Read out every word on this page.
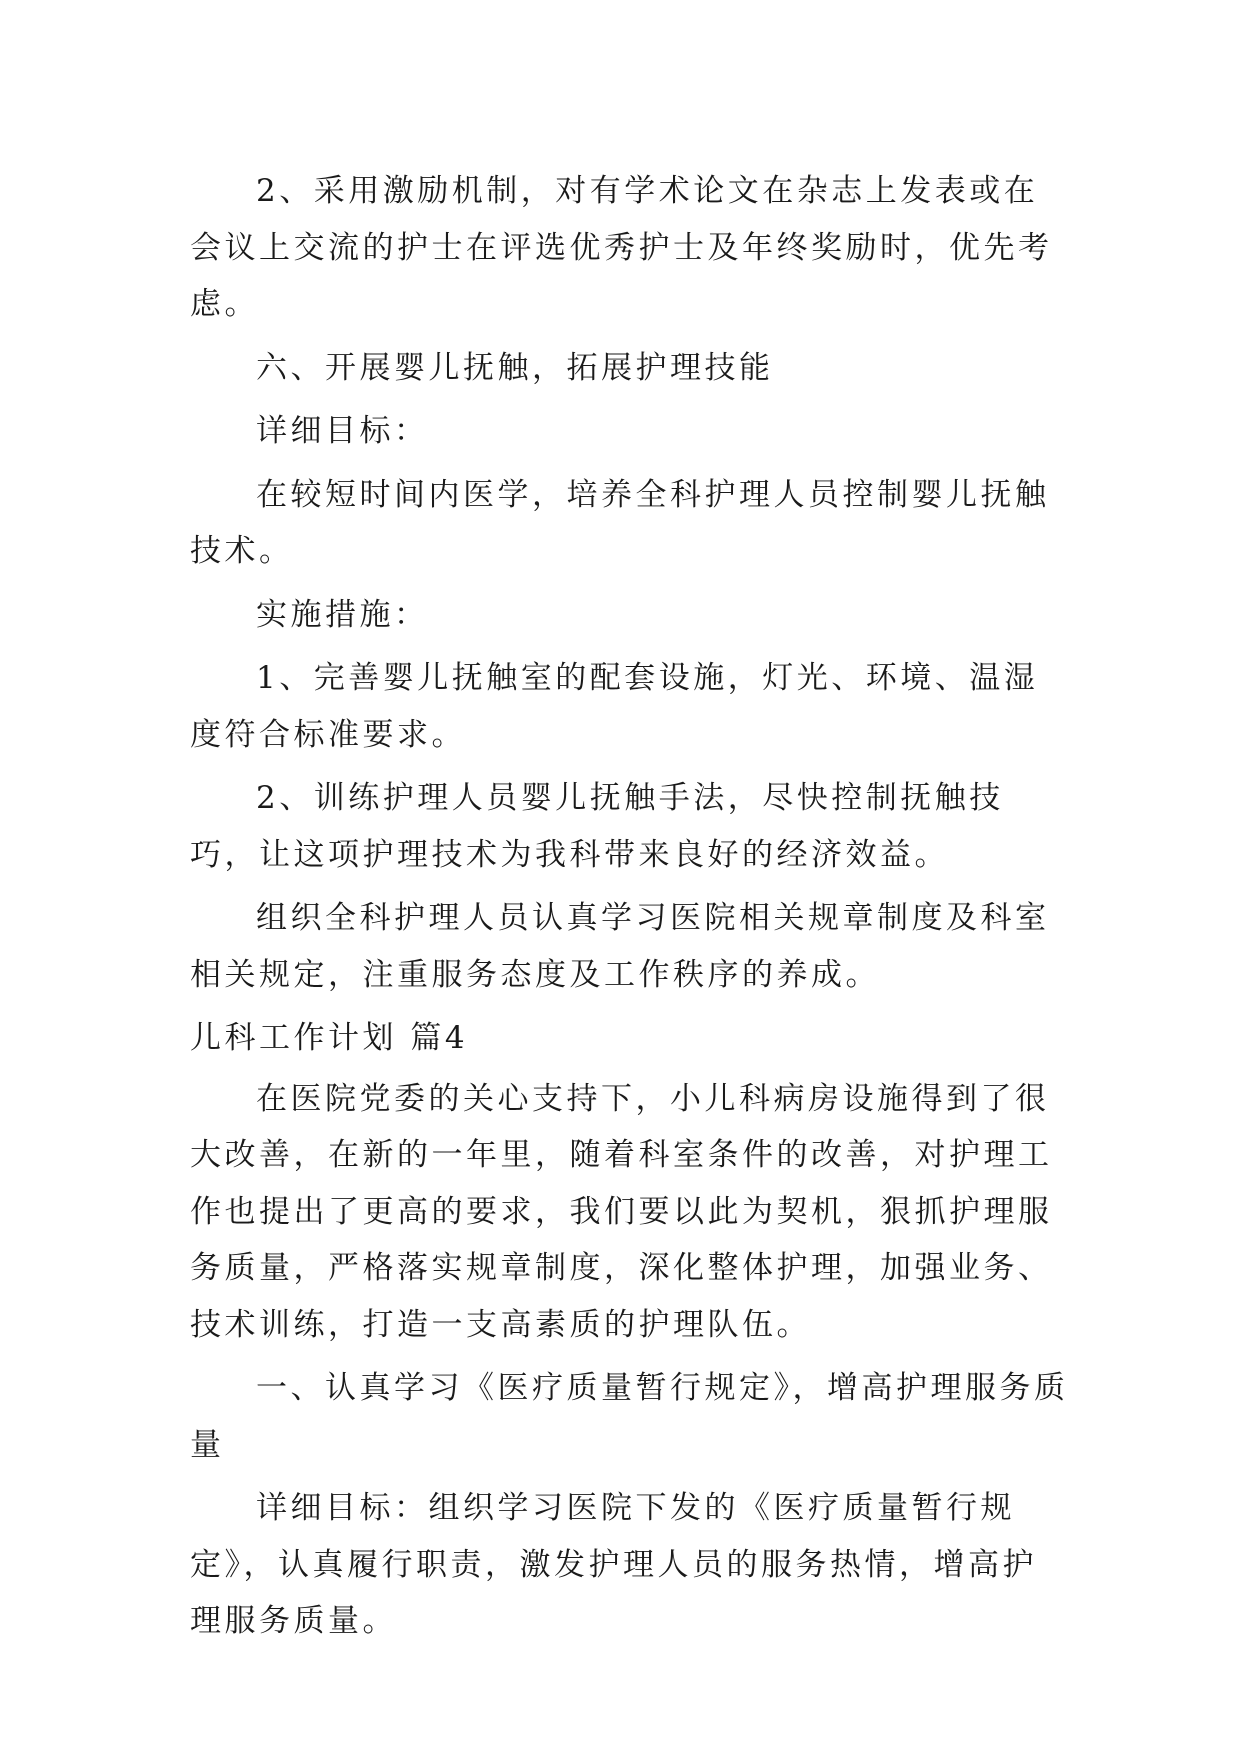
2、采用激励机制，对有学术论文在杂志上发表或在会议上交流的护士在评选优秀护士及年终奖励时，优先考虑。

六、开展婴儿抚触，拓展护理技能

详细目标：

在较短时间内医学，培养全科护理人员控制婴儿抚触技术。

实施措施：

1、完善婴儿抚触室的配套设施，灯光、环境、温湿度符合标准要求。

2、训练护理人员婴儿抚触手法，尽快控制抚触技巧，让这项护理技术为我科带来良好的经济效益。

组织全科护理人员认真学习医院相关规章制度及科室相关规定，注重服务态度及工作秩序的养成。

儿科工作计划 篇4

在医院党委的关心支持下，小儿科病房设施得到了很大改善，在新的一年里，随着科室条件的改善，对护理工作也提出了更高的要求，我们要以此为契机，狠抓护理服务质量，严格落实规章制度，深化整体护理，加强业务、技术训练，打造一支高素质的护理队伍。

一、认真学习《医疗质量暂行规定》，增高护理服务质量

详细目标：组织学习医院下发的《医疗质量暂行规定》，认真履行职责，激发护理人员的服务热情，增高护理服务质量。
